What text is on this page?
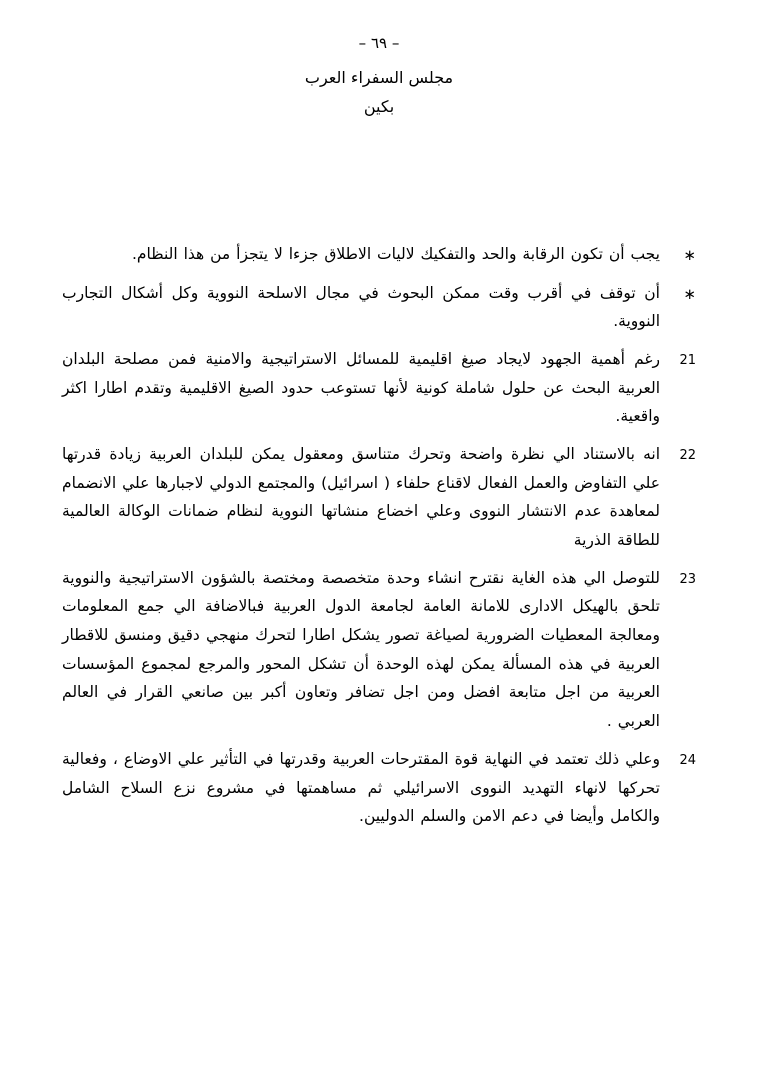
– ٦٩ –
مجلس السفراء العرب
بكين
∗
يجب أن تكون الرقابة والحد والتفكيك لاليات الاطلاق جزءا لا يتجزأ من هذا النظام.
∗
أن توقف في أقرب وقت ممكن البحوث في مجال الاسلحة النووية وكل أشكال التجارب النووية.
21
رغم أهمية الجهود لايجاد صيغ اقليمية للمسائل الاستراتيجية والامنية فمن مصلحة البلدان العربية البحث عن حلول شاملة كونية لأنها تستوعب حدود الصيغ الاقليمية وتقدم اطارا اكثر واقعية.
22
انه بالاستناد الي نظرة واضحة وتحرك متناسق ومعقول يمكن للبلدان العربية زيادة قدرتها علي التفاوض والعمل الفعال لاقناع حلفاء ( اسرائيل) والمجتمع الدولي لاجبارها علي الانضمام لمعاهدة عدم الانتشار النووى وعلي اخضاع منشاتها النووية لنظام ضمانات الوكالة العالمية للطاقة الذرية
23
للتوصل الي هذه الغاية نقترح انشاء وحدة متخصصة ومختصة بالشؤون الاستراتيجية والنووية تلحق بالهيكل الادارى للامانة العامة لجامعة الدول العربية فبالاضافة الي جمع المعلومات ومعالجة المعطيات الضرورية لصياغة تصور يشكل اطارا لتحرك منهجي دقيق ومنسق للاقطار العربية في هذه المسألة يمكن لهذه الوحدة أن تشكل المحور والمرجع لمجموع المؤسسات العربية من اجل متابعة افضل ومن اجل تضافر وتعاون أكبر بين صانعي القرار في العالم العربي .
24
وعلي ذلك تعتمد في النهاية قوة المقترحات العربية وقدرتها في التأثير علي الاوضاع ، وفعالية تحركها لانهاء التهديد النووى الاسرائيلي ثم مساهمتها في مشروع نزع السلاح الشامل والكامل وأيضا في دعم الامن والسلم الدوليين.
